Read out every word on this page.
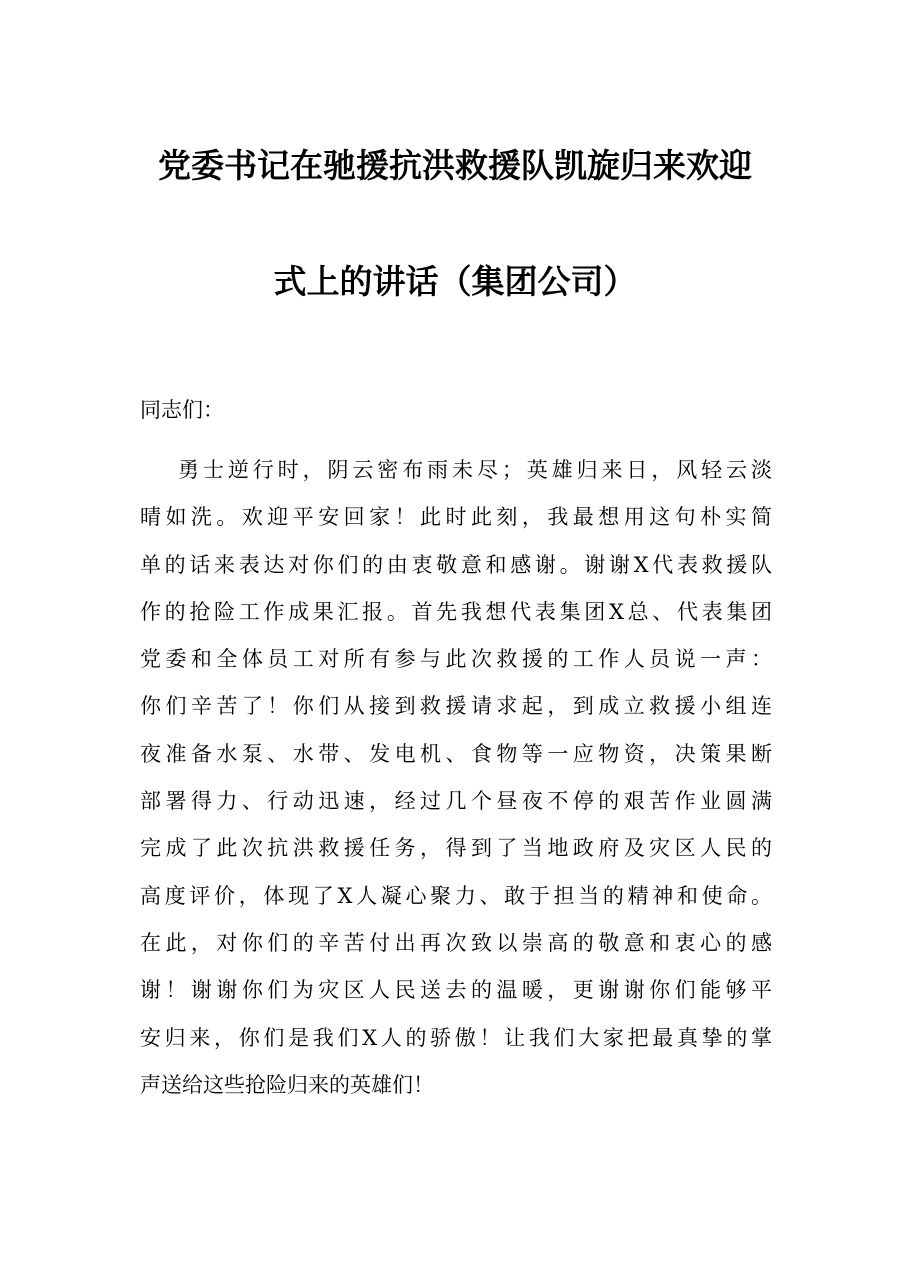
党委书记在驰援抗洪救援队凯旋归来欢迎
式上的讲话（集团公司）

同志们：

勇士逆行时，阴云密布雨未尽；英雄归来日，风轻云淡
晴如洗。欢迎平安回家！此时此刻，我最想用这句朴实简
单的话来表达对你们的由衷敬意和感谢。谢谢X代表救援队
作的抢险工作成果汇报。首先我想代表集团X总、代表集团
党委和全体员工对所有参与此次救援的工作人员说一声：
你们辛苦了！你们从接到救援请求起，到成立救援小组连
夜准备水泵、水带、发电机、食物等一应物资，决策果断
部署得力、行动迅速，经过几个昼夜不停的艰苦作业圆满
完成了此次抗洪救援任务，得到了当地政府及灾区人民的
高度评价，体现了X人凝心聚力、敢于担当的精神和使命。
在此，对你们的辛苦付出再次致以崇高的敬意和衷心的感
谢！谢谢你们为灾区人民送去的温暖，更谢谢你们能够平
安归来，你们是我们X人的骄傲！让我们大家把最真挚的掌
声送给这些抢险归来的英雄们！
